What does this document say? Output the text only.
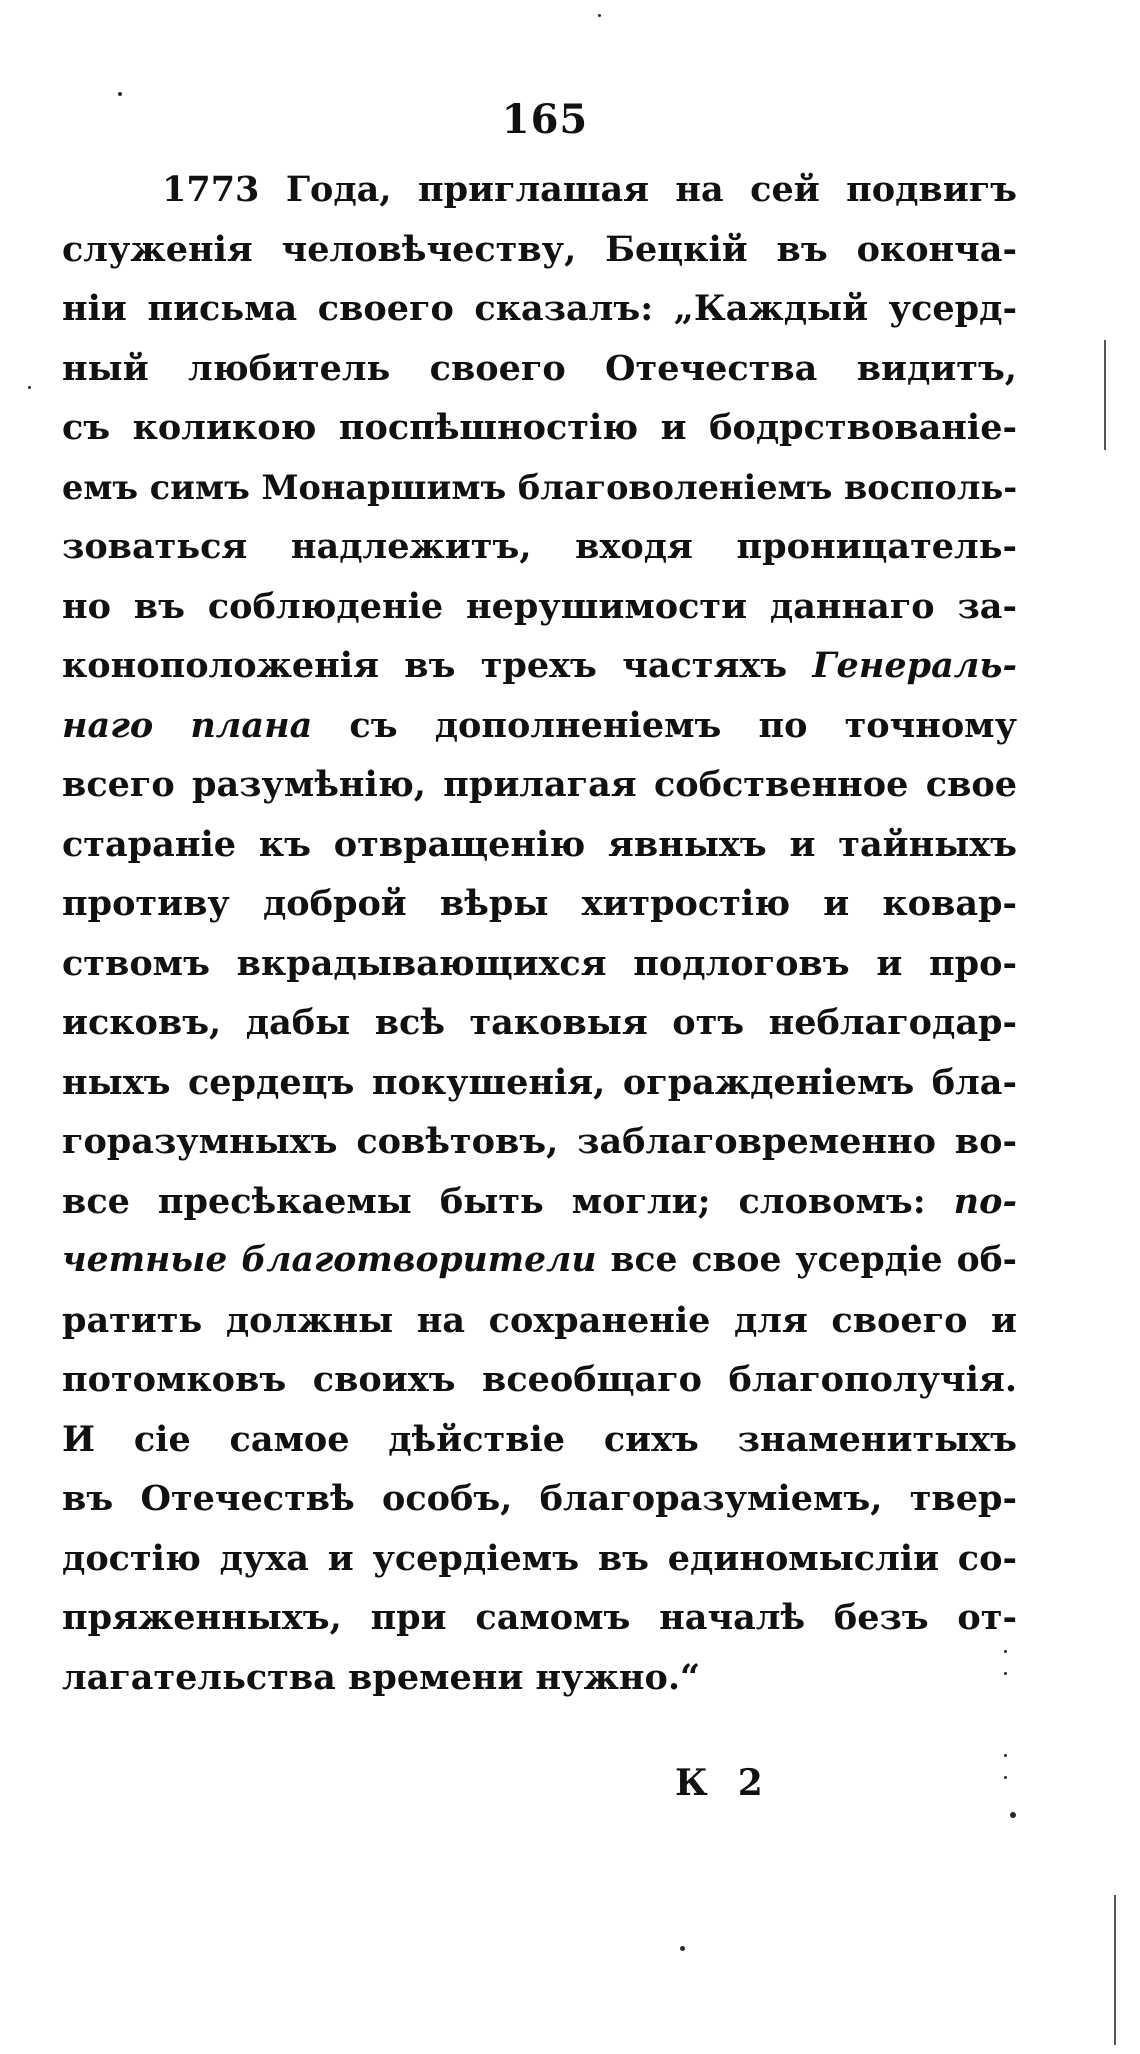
165
1773 Года, приглашая на сей подвигъ
служенія человѣчеству, Бецкій въ оконча-
ніи письма своего сказалъ: „Каждый усерд-
ный любитель своего Отечества видитъ,
съ коликою поспѣшностію и бодрствованіе-
емъ симъ Монаршимъ благоволеніемъ восполь-
зоваться надлежитъ, входя проницатель-
но въ соблюденіе нерушимости даннаго за-
коноположенія въ трехъ частяхъ Генераль-
наго плана съ дополненіемъ по точному
всего разумѣнію, прилагая собственное свое
стараніе къ отвращенію явныхъ и тайныхъ
противу доброй вѣры хитростію и ковар-
ствомъ вкрадывающихся подлоговъ и про-
исковъ, дабы всѣ таковыя отъ неблагодар-
ныхъ сердецъ покушенія, огражденіемъ бла-
горазумныхъ совѣтовъ, заблаговременно во-
все пресѣкаемы быть могли; словомъ: по-
четные благотворители все свое усердіе об-
ратить должны на сохраненіе для своего и
потомковъ своихъ всеобщаго благополучія.
И сіе самое дѣйствіе сихъ знаменитыхъ
въ Отечествѣ особъ, благоразуміемъ, твер-
достію духа и усердіемъ въ единомысліи со-
пряженныхъ, при самомъ началѣ безъ от-
лагательства времени нужно.“
К 2
